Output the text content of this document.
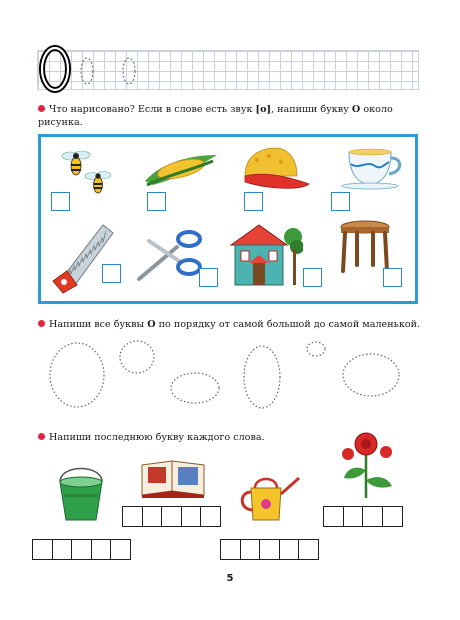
Что нарисовано? Если в слове есть звук [о], напиши букву О около рисунка.
Напиши все буквы О по порядку от самой большой до самой маленькой.
Напиши последнюю букву каждого слова.
5
